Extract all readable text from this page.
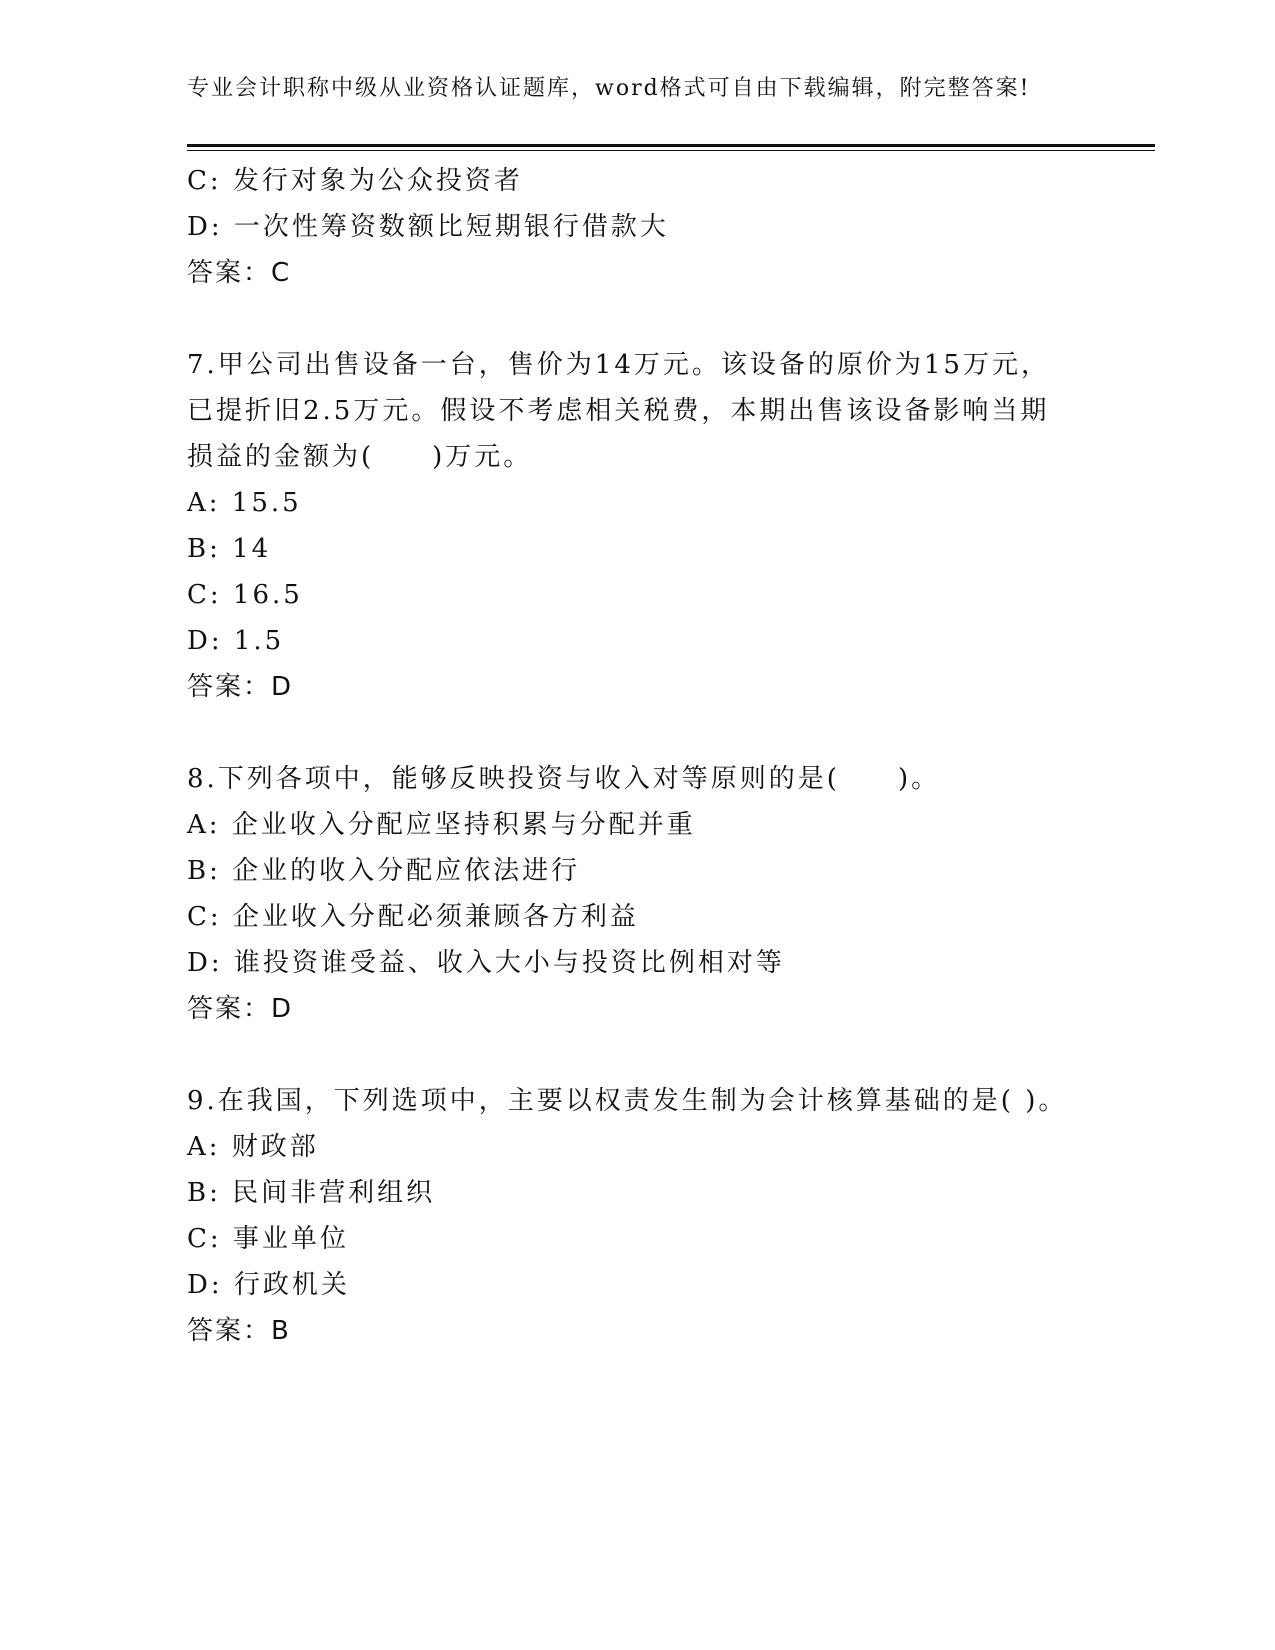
专业会计职称中级从业资格认证题库，word格式可自由下载编辑，附完整答案!
C: 发行对象为公众投资者
D: 一次性筹资数额比短期银行借款大
答案：C
7.甲公司出售设备一台，售价为14万元。该设备的原价为15万元，
已提折旧2.5万元。假设不考虑相关税费，本期出售该设备影响当期
损益的金额为(　　)万元。
A: 15.5
B: 14
C: 16.5
D: 1.5
答案：D
8.下列各项中，能够反映投资与收入对等原则的是(　　)。
A: 企业收入分配应坚持积累与分配并重
B: 企业的收入分配应依法进行
C: 企业收入分配必须兼顾各方利益
D: 谁投资谁受益、收入大小与投资比例相对等
答案：D
9.在我国，下列选项中，主要以权责发生制为会计核算基础的是( )。
A: 财政部
B: 民间非营利组织
C: 事业单位
D: 行政机关
答案：B
